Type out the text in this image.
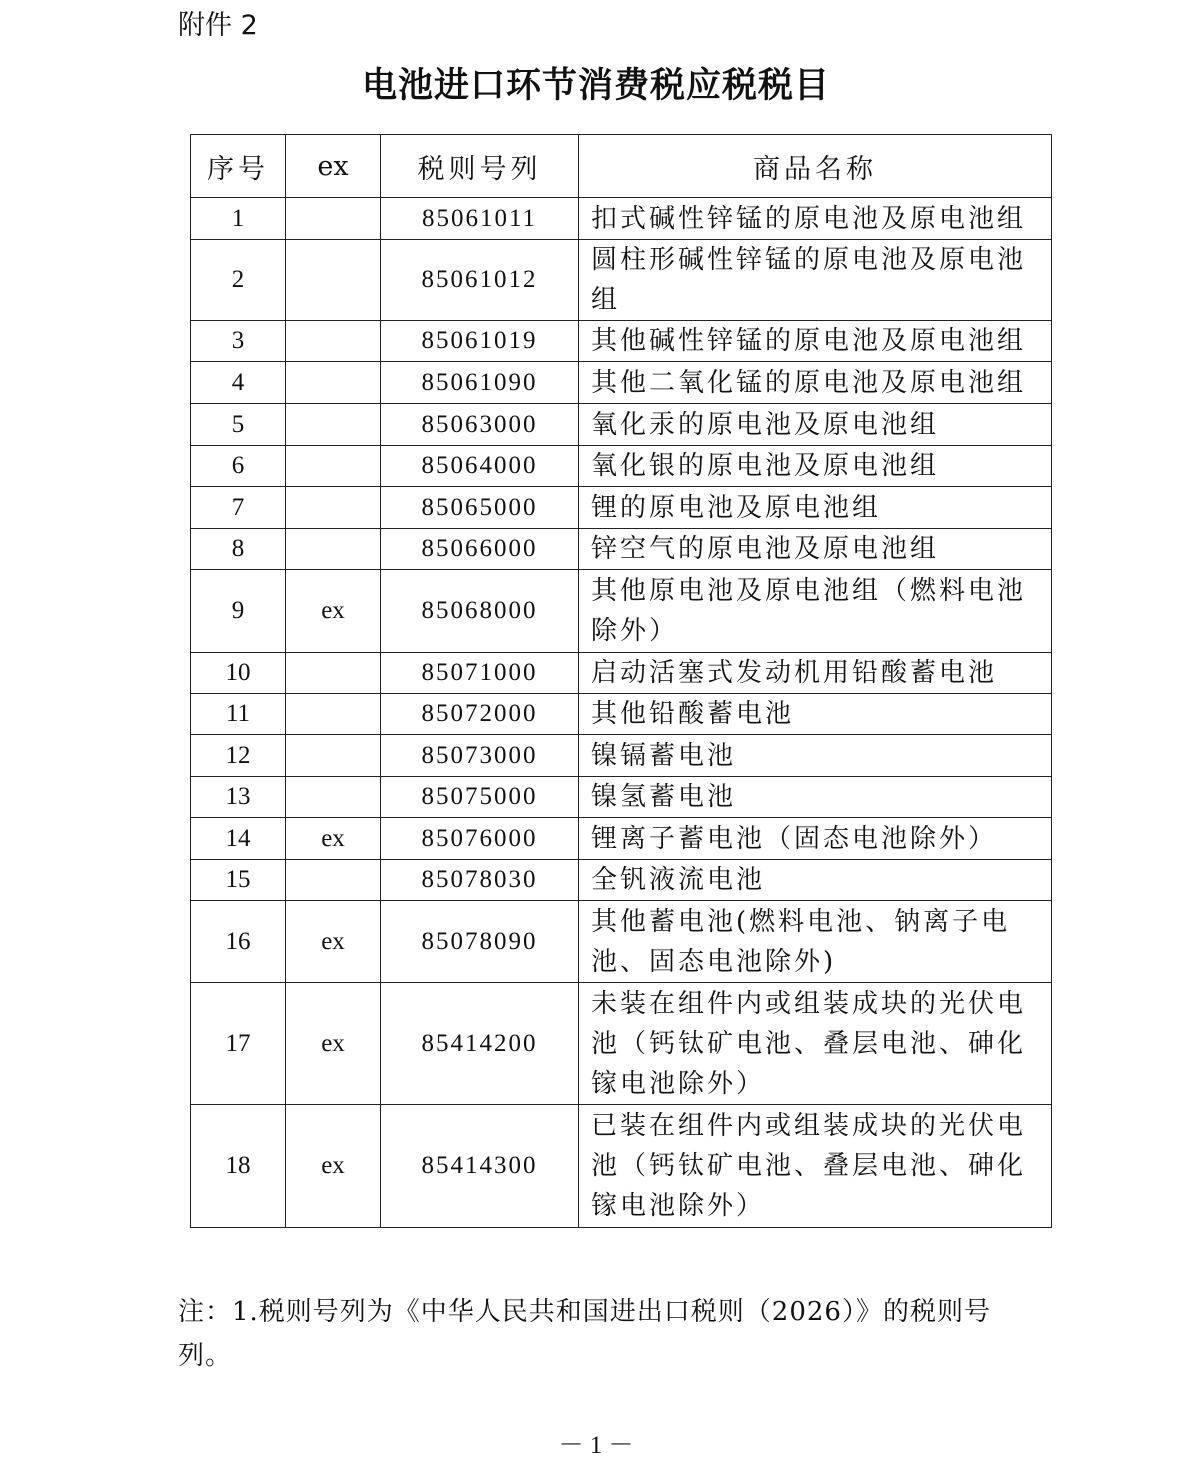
附件 2
电池进口环节消费税应税税目
序号	ex	税则号列	商品名称
1		85061011	扣式碱性锌锰的原电池及原电池组
2		85061012	圆柱形碱性锌锰的原电池及原电池组
3		85061019	其他碱性锌锰的原电池及原电池组
4		85061090	其他二氧化锰的原电池及原电池组
5		85063000	氧化汞的原电池及原电池组
6		85064000	氧化银的原电池及原电池组
7		85065000	锂的原电池及原电池组
8		85066000	锌空气的原电池及原电池组
9	ex	85068000	其他原电池及原电池组（燃料电池除外）
10		85071000	启动活塞式发动机用铅酸蓄电池
11		85072000	其他铅酸蓄电池
12		85073000	镍镉蓄电池
13		85075000	镍氢蓄电池
14	ex	85076000	锂离子蓄电池（固态电池除外）
15		85078030	全钒液流电池
16	ex	85078090	其他蓄电池(燃料电池、钠离子电池、固态电池除外)
17	ex	85414200	未装在组件内或组装成块的光伏电池（钙钛矿电池、叠层电池、砷化镓电池除外）
18	ex	85414300	已装在组件内或组装成块的光伏电池（钙钛矿电池、叠层电池、砷化镓电池除外）
注：1.税则号列为《中华人民共和国进出口税则（2026）》的税则号列。
－ 1 －
